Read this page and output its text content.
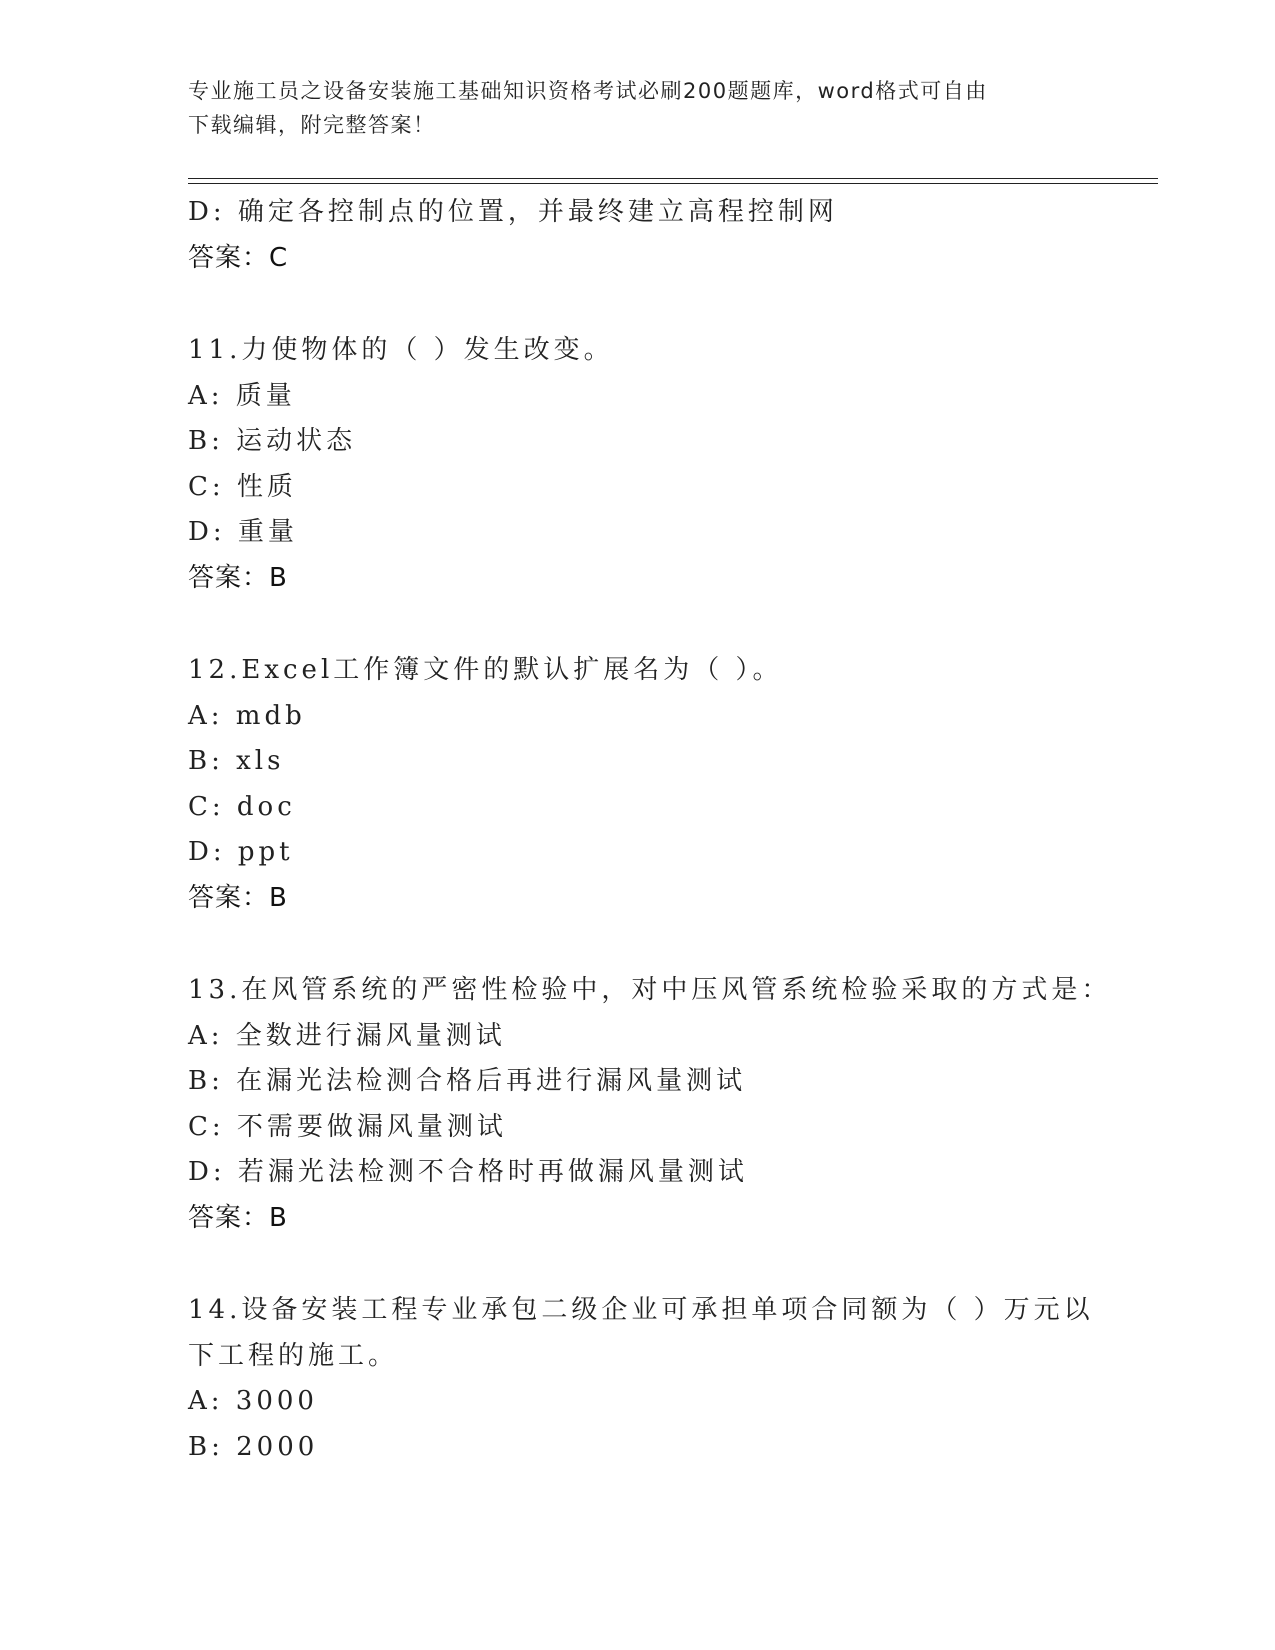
专业施工员之设备安装施工基础知识资格考试必刷200题题库，word格式可自由
下载编辑，附完整答案！
D: 确定各控制点的位置，并最终建立高程控制网
答案：C
11.力使物体的（ ）发生改变。
A: 质量
B: 运动状态
C: 性质
D: 重量
答案：B
12.Excel工作簿文件的默认扩展名为（ ）。
A: mdb
B: xls
C: doc
D: ppt
答案：B
13.在风管系统的严密性检验中，对中压风管系统检验采取的方式是：
A: 全数进行漏风量测试
B: 在漏光法检测合格后再进行漏风量测试
C: 不需要做漏风量测试
D: 若漏光法检测不合格时再做漏风量测试
答案：B
14.设备安装工程专业承包二级企业可承担单项合同额为（ ）万元以
下工程的施工。
A: 3000
B: 2000
